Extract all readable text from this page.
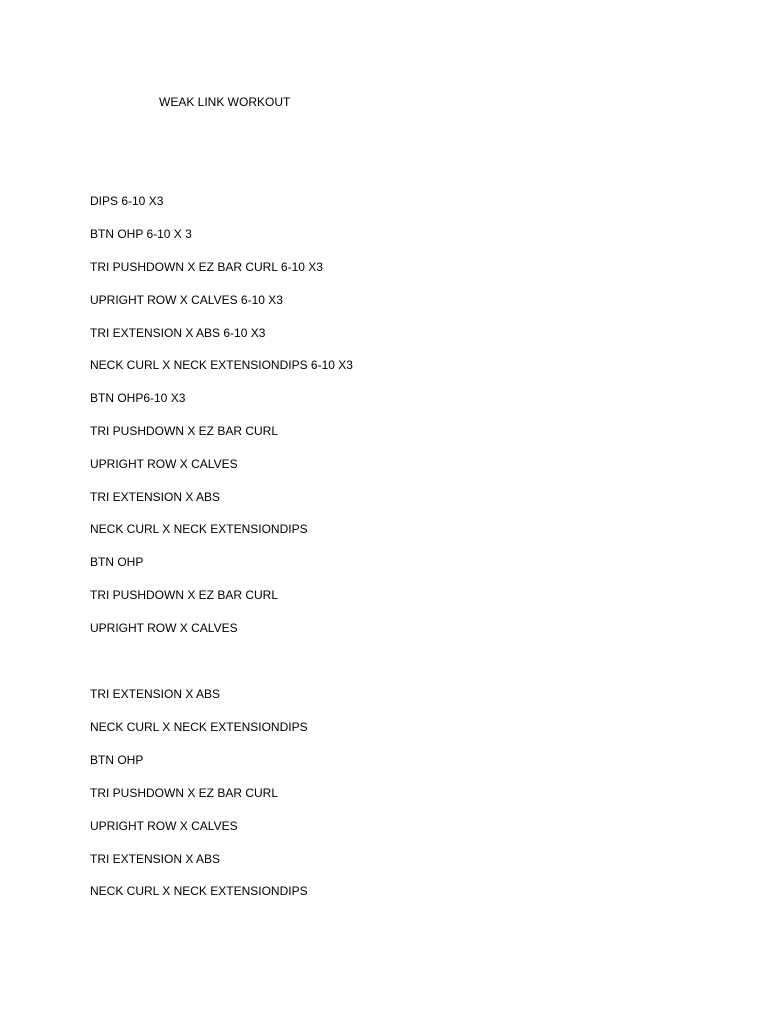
WEAK LINK WORKOUT
DIPS 6-10 X3
BTN OHP 6-10 X 3
TRI PUSHDOWN X EZ BAR CURL 6-10 X3
UPRIGHT ROW X CALVES 6-10 X3
TRI EXTENSION X ABS 6-10 X3
NECK CURL X NECK EXTENSIONDIPS 6-10 X3
BTN OHP6-10 X3
TRI PUSHDOWN X EZ BAR CURL
UPRIGHT ROW X CALVES
TRI EXTENSION X ABS
NECK CURL X NECK EXTENSIONDIPS
BTN OHP
TRI PUSHDOWN X EZ BAR CURL
UPRIGHT ROW X CALVES
TRI EXTENSION X ABS
NECK CURL X NECK EXTENSIONDIPS
BTN OHP
TRI PUSHDOWN X EZ BAR CURL
UPRIGHT ROW X CALVES
TRI EXTENSION X ABS
NECK CURL X NECK EXTENSIONDIPS
